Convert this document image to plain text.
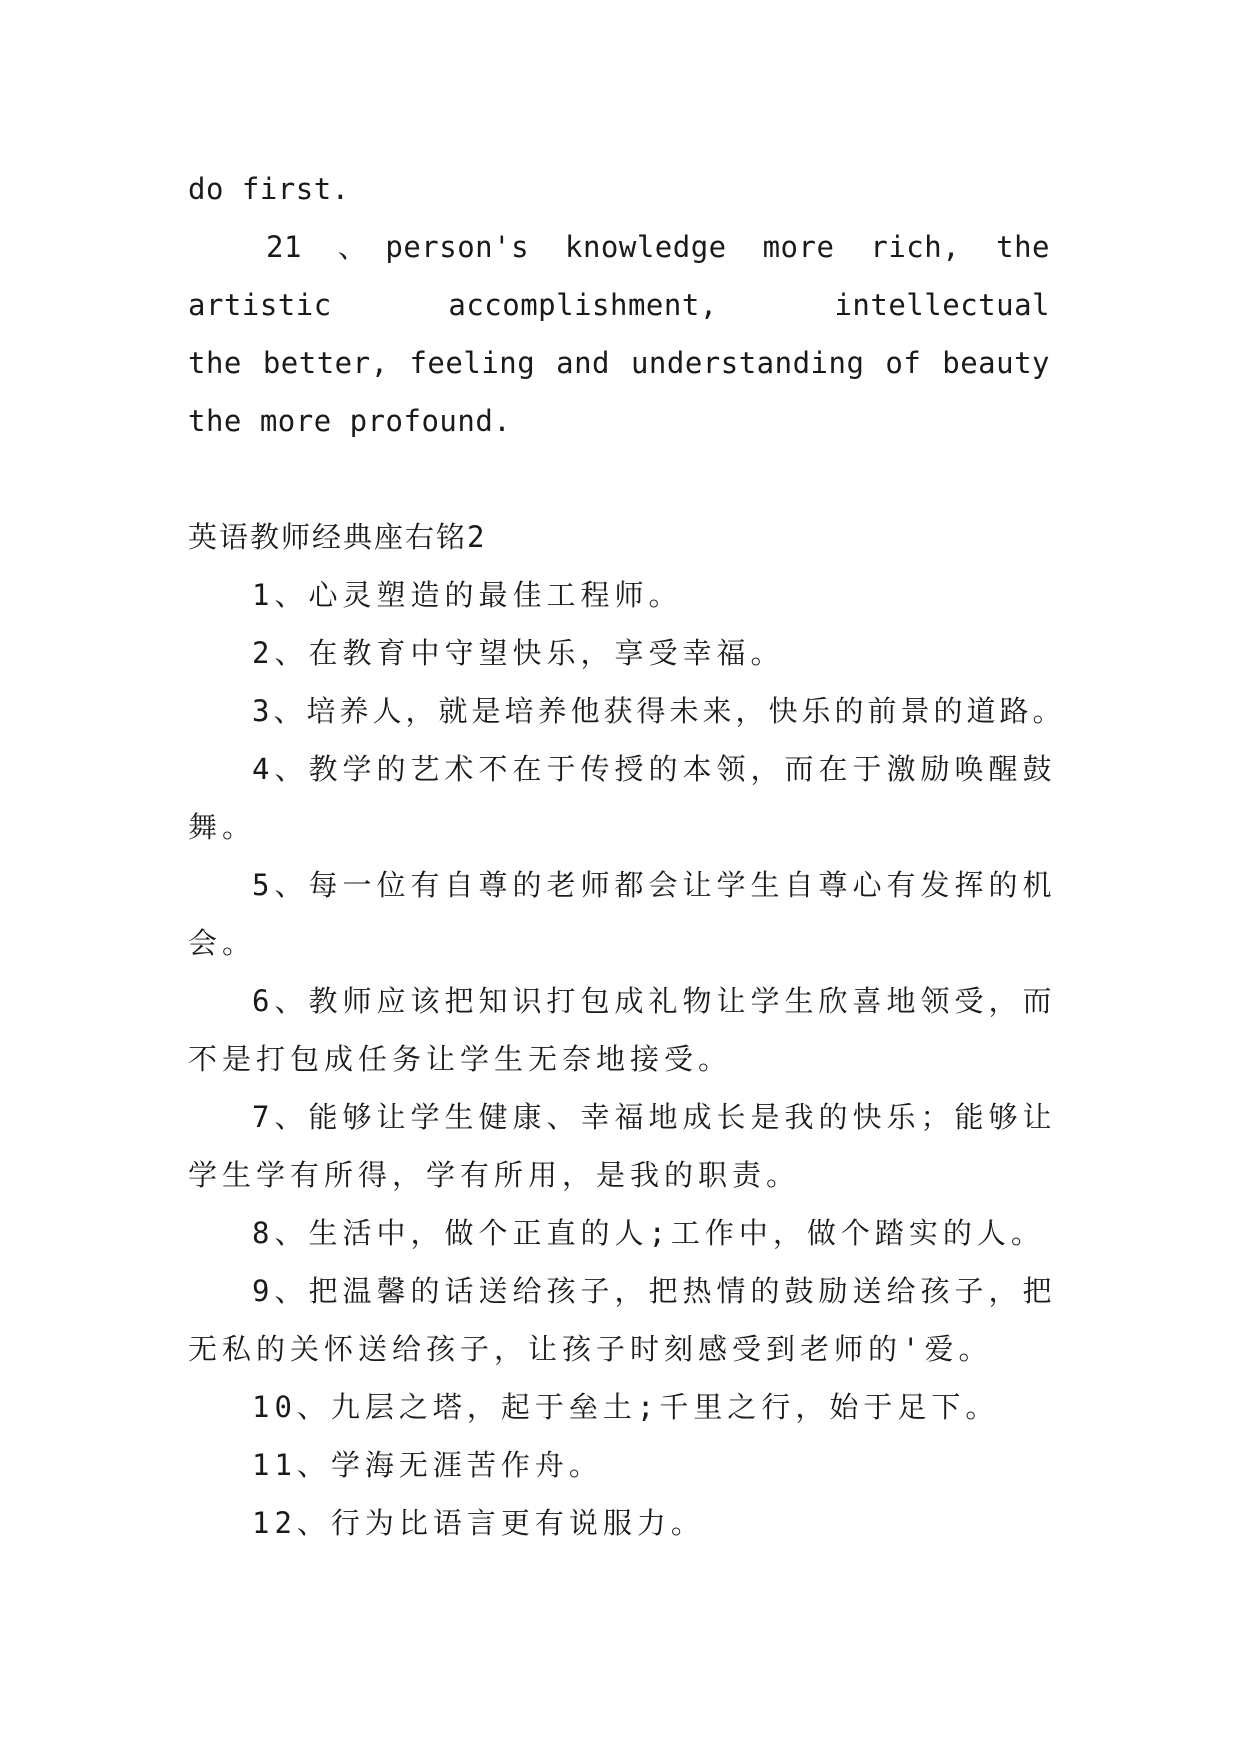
do first.

21 、person's knowledge more rich, the

artistic accomplishment, intellectual

the better, feeling and understanding of beauty

the more profound.

英语教师经典座右铭2

1、心灵塑造的最佳工程师。

2、在教育中守望快乐，享受幸福。

3、培养人，就是培养他获得未来，快乐的前景的道路。

4、教学的艺术不在于传授的本领，而在于激励唤醒鼓

舞。

5、每一位有自尊的老师都会让学生自尊心有发挥的机

会。

6、教师应该把知识打包成礼物让学生欣喜地领受，而

不是打包成任务让学生无奈地接受。

7、能够让学生健康、幸福地成长是我的快乐；能够让

学生学有所得，学有所用，是我的职责。

8、生活中，做个正直的人;工作中，做个踏实的人。

9、把温馨的话送给孩子，把热情的鼓励送给孩子，把

无私的关怀送给孩子，让孩子时刻感受到老师的'爱。

10、九层之塔，起于垒土;千里之行，始于足下。

11、学海无涯苦作舟。

12、行为比语言更有说服力。
